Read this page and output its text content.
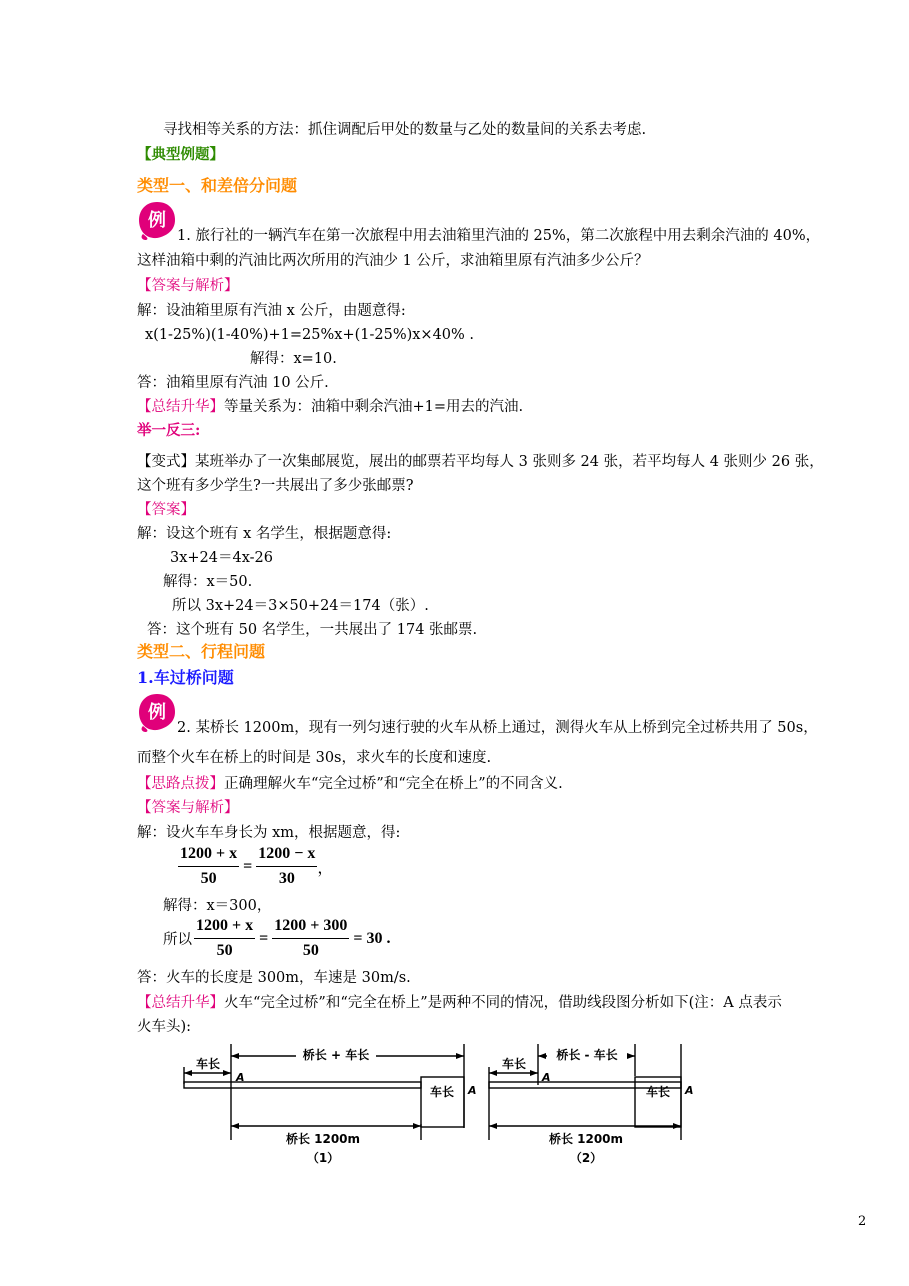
寻找相等关系的方法：抓住调配后甲处的数量与乙处的数量间的关系去考虑.
【典型例题】
类型一、和差倍分问题
例
1. 旅行社的一辆汽车在第一次旅程中用去油箱里汽油的 25%，第二次旅程中用去剩余汽油的 40%，
这样油箱中剩的汽油比两次所用的汽油少 1 公斤，求油箱里原有汽油多少公斤？
【答案与解析】
解：设油箱里原有汽油 x 公斤，由题意得:
x(1-25%)(1-40%)+1=25%x+(1-25%)x×40% .
解得：x=10.
答：油箱里原有汽油 10 公斤.
【总结升华】等量关系为：油箱中剩余汽油+1=用去的汽油.
举一反三:
【变式】某班举办了一次集邮展览，展出的邮票若平均每人 3 张则多 24 张，若平均每人 4 张则少 26 张，
这个班有多少学生?一共展出了多少张邮票?
【答案】
解：设这个班有 x 名学生，根据题意得:
3x+24＝4x-26
解得：x＝50.
所以 3x+24＝3×50+24＝174（张）.
答：这个班有 50 名学生，一共展出了 174 张邮票.
类型二、行程问题
1.车过桥问题
例
2. 某桥长 1200m，现有一列匀速行驶的火车从桥上通过，测得火车从上桥到完全过桥共用了 50s，
而整个火车在桥上的时间是 30s，求火车的长度和速度.
【思路点拨】正确理解火车“完全过桥”和“完全在桥上”的不同含义.
【答案与解析】
解：设火车车身长为 xm，根据题意，得:
$\frac{1200 + x}{50} = \frac{1200 - x}{30}$ ，
解得：x＝300，
所以 $\frac{1200 + x}{50} = \frac{1200 + 300}{50} = 30$ .
答：火车的长度是 300m，车速是 30m/s.
【总结升华】火车“完全过桥”和“完全在桥上”是两种不同的情况，借助线段图分析如下(注：A 点表示
火车头):
桥长 + 车长
车长
A
车长 A
桥长 1200m
（1）
桥长 - 车长
车长
A
车长 A
桥长 1200m
（2）
2
